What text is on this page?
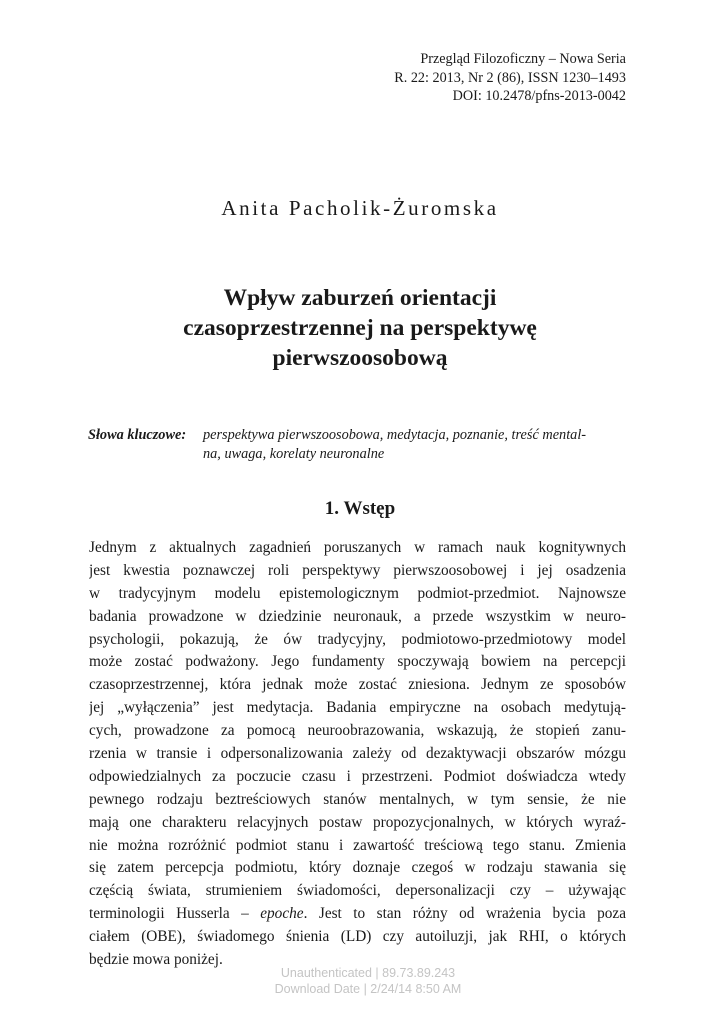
Przegląd Filozoficzny – Nowa Seria
R. 22: 2013, Nr 2 (86), ISSN 1230–1493
DOI: 10.2478/pfns-2013-0042
Anita Pacholik-Żuromska
Wpływ zaburzeń orientacji
czasoprzestrzennej na perspektywę
pierwszoosobową
Słowa kluczowe:	perspektywa pierwszoosobowa, medytacja, poznanie, treść mental-
na, uwaga, korelaty neuronalne
1. Wstęp
Jednym z aktualnych zagadnień poruszanych w ramach nauk kognitywnych
jest kwestia poznawczej roli perspektywy pierwszoosobowej i jej osadzenia
w tradycyjnym modelu epistemologicznym podmiot-przedmiot. Najnowsze
badania prowadzone w dziedzinie neuronauk, a przede wszystkim w neuro-
psychologii, pokazują, że ów tradycyjny, podmiotowo-przedmiotowy model
może zostać podważony. Jego fundamenty spoczywają bowiem na percepcji
czasoprzestrzennej, która jednak może zostać zniesiona. Jednym ze sposobów
jej „wyłączenia” jest medytacja. Badania empiryczne na osobach medytują-
cych, prowadzone za pomocą neuroobrazowania, wskazują, że stopień zanu-
rzenia w transie i odpersonalizowania zależy od dezaktywacji obszarów mózgu
odpowiedzialnych za poczucie czasu i przestrzeni. Podmiot doświadcza wtedy
pewnego rodzaju beztreściowych stanów mentalnych, w tym sensie, że nie
mają one charakteru relacyjnych postaw propozycjonalnych, w których wyraź-
nie można rozróżnić podmiot stanu i zawartość treściową tego stanu. Zmienia
się zatem percepcja podmiotu, który doznaje czegoś w rodzaju stawania się
częścią świata, strumieniem świadomości, depersonalizacji czy – używając
terminologii Husserla – epoche. Jest to stan różny od wrażenia bycia poza
ciałem (OBE), świadomego śnienia (LD) czy autoiluzji, jak RHI, o których
będzie mowa poniżej.
Unauthenticated | 89.73.89.243
Download Date | 2/24/14 8:50 AM
